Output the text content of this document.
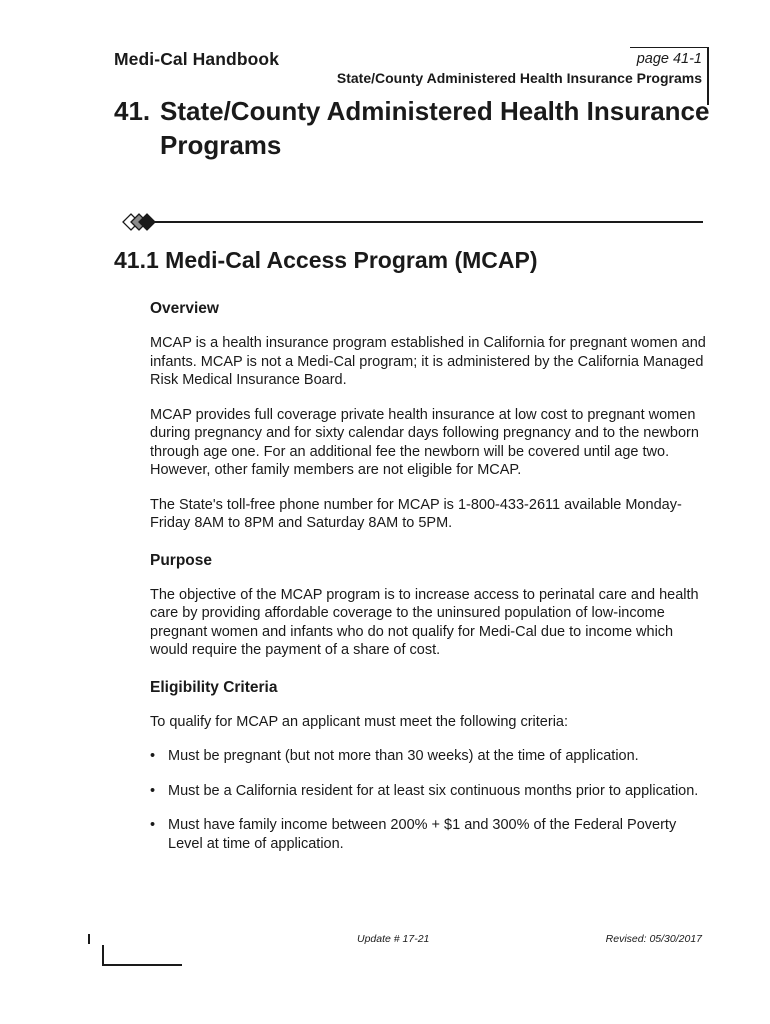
Medi-Cal Handbook	page 41-1
State/County Administered Health Insurance Programs
41. State/County Administered Health Insurance
Programs
41.1 Medi-Cal Access Program (MCAP)
Overview

MCAP is a health insurance program established in California for pregnant women and infants. MCAP is not a Medi-Cal program; it is administered by the California Managed Risk Medical Insurance Board.

MCAP provides full coverage private health insurance at low cost to pregnant women during pregnancy and for sixty calendar days following pregnancy and to the newborn through age one. For an additional fee the newborn will be covered until age two. However, other family members are not eligible for MCAP.

The State's toll-free phone number for MCAP is 1-800-433-2611 available Monday-Friday 8AM to 8PM and Saturday 8AM to 5PM.

Purpose

The objective of the MCAP program is to increase access to perinatal care and health care by providing affordable coverage to the uninsured population of low-income pregnant women and infants who do not qualify for Medi-Cal due to income which would require the payment of a share of cost.

Eligibility Criteria

To qualify for MCAP an applicant must meet the following criteria:

• Must be pregnant (but not more than 30 weeks) at the time of application.
• Must be a California resident for at least six continuous months prior to application.
• Must have family income between 200% + $1 and 300% of the Federal Poverty Level at time of application.
Update # 17-21	Revised: 05/30/2017
